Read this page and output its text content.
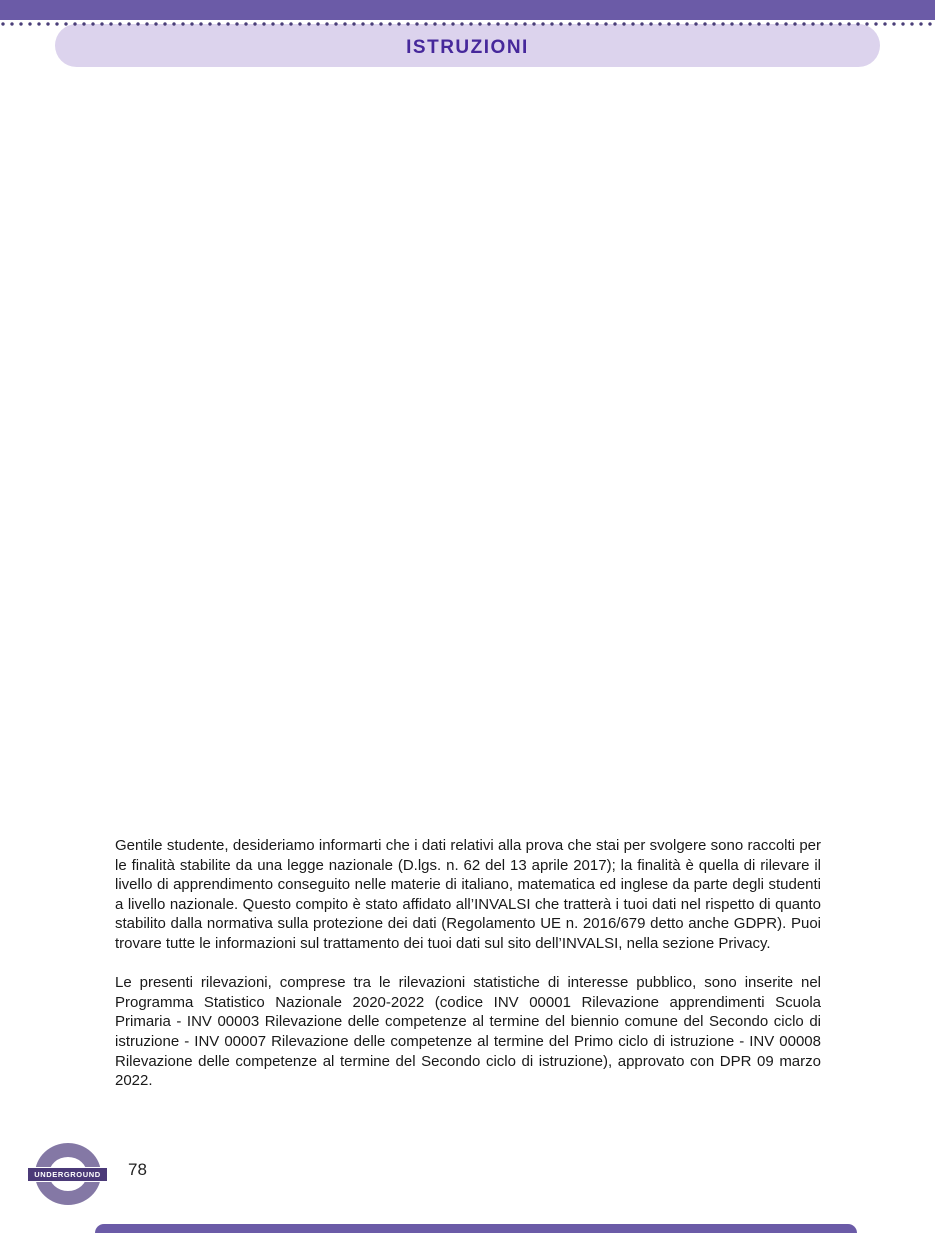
ISTRUZIONI

Gentile studente, desideriamo informarti che i dati relativi alla prova che stai per svolgere sono raccolti per le finalità stabilite da una legge nazionale (D.lgs. n. 62 del 13 aprile 2017); la finalità è quella di rilevare il livello di apprendimento conseguito nelle materie di italiano, matematica ed inglese da parte degli studenti a livello nazionale. Questo compito è stato affidato all’INVALSI che tratterà i tuoi dati nel rispetto di quanto stabilito dalla normativa sulla protezione dei dati (Regolamento UE n. 2016/679 detto anche GDPR). Puoi trovare tutte le informazioni sul trattamento dei tuoi dati sul sito dell’INVALSI, nella sezione Privacy.

Le presenti rilevazioni, comprese tra le rilevazioni statistiche di interesse pubblico, sono inserite nel Programma Statistico Nazionale 2020-2022 (codice INV 00001 Rilevazione apprendimenti Scuola Primaria - INV 00003 Rilevazione delle competenze al termine del biennio comune del Secondo ciclo di istruzione - INV 00007 Rilevazione delle competenze al termine del Primo ciclo di istruzione - INV 00008 Rilevazione delle competenze al termine del Secondo ciclo di istruzione), approvato con DPR 09 marzo 2022.

UNDERGROUND 78
